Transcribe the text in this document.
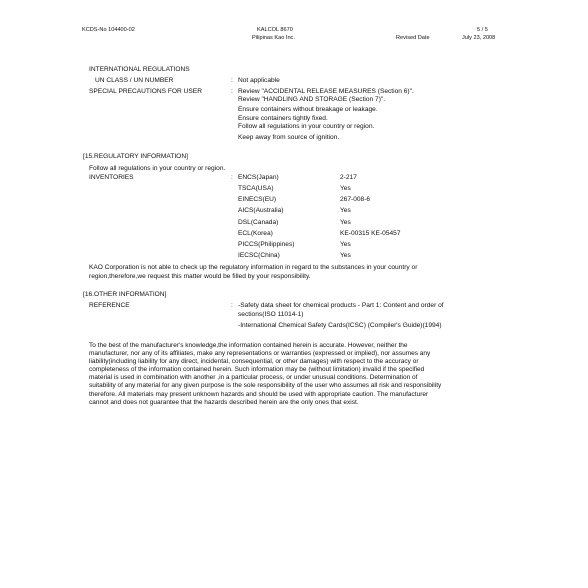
KCDS-No 104400-02	KALCOL 8670
Pilipinas Kao Inc.
5 / 5
Revised Date	July 23, 2008
INTERNATIONAL REGULATIONS
UN CLASS / UN NUMBER	: Not applicable
SPECIAL PRECAUTIONS FOR USER	: Review "ACCIDENTAL RELEASE MEASURES (Section 6)".
Review "HANDLING AND STORAGE (Section 7)".
Ensure containers without breakage or leakage.
Ensure containers tightly fixed.
Follow all regulations in your country or region.
Keep away from source of ignition.
[15.REGULATORY INFORMATION]
Follow all regulations in your country or region.
INVENTORIES	: ENCS(Japan)	2-217
TSCA(USA)	Yes
EINECS(EU)	267-008-6
AICS(Australia)	Yes
DSL(Canada)	Yes
ECL(Korea)	KE-00315 KE-05457
PICCS(Philippines)	Yes
IECSC(China)	Yes
KAO Corporation is not able to check up the regulatory information in regard to the substances in your country or
region,therefore,we request this matter would be filled by your responsibility.
[16.OTHER INFORMATION]
REFERENCE	: -Safety data sheet for chemical products - Part 1: Content and order of
sections(ISO 11014-1)
-International Chemical Safety Cards(ICSC) (Compiler's Guide)(1994)
To the best of the manufacturer's knowledge,the information contained herein is accurate. However, neither the
manufacturer, nor any of its affiliates, make any representations or warranties (expressed or implied), nor assumes any
liability(including liability for any direct, incidental, consequential, or other damages) with respect to the accuracy or
completeness of the information contained herein. Such information may be (without limitation) invalid if the specified
material is used in combination with another ,in a particular process, or under unusual conditions. Determination of
suitability of any material for any given purpose is the sole responsibility of the user who assumes all risk and responsibility
therefore. All materials may present unknown hazards and should be used with appropriate caution. The manufacturer
cannot and does not guarantee that the hazards described herein are the only ones that exist.
